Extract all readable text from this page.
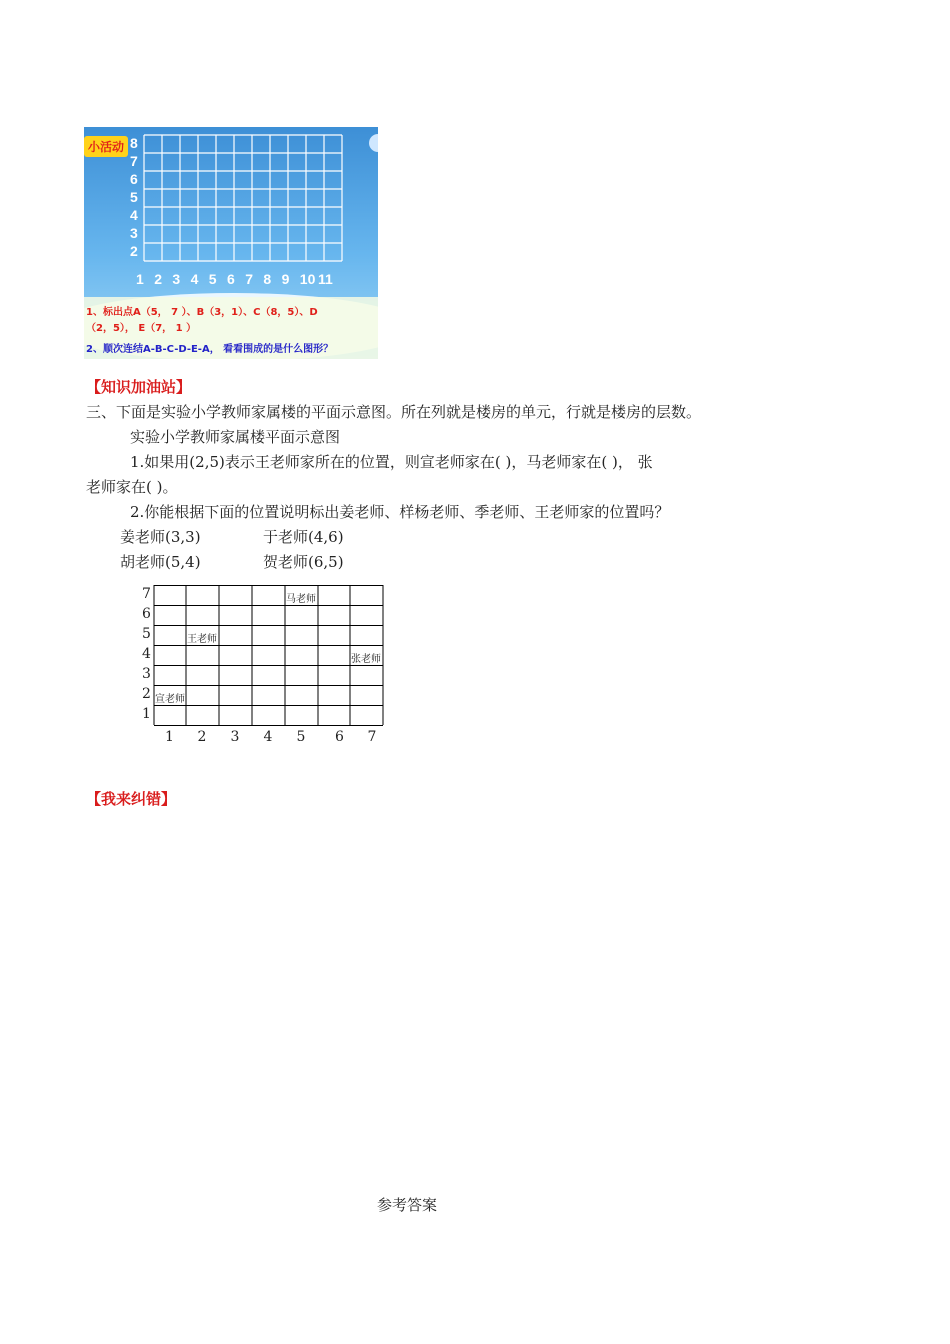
8
7
6
5
4
3
2
1 2 3 4 5 6 7 8 9 10 11
小活动
1、标出点A（5， 7 ）、B（3，1）、C（8，5）、D
（2，5）， E（7， 1 ）
2、顺次连结A-B-C-D-E-A， 看看围成的是什么图形？
【知识加油站】
三、下面是实验小学教师家属楼的平面示意图。所在列就是楼房的单元，行就是楼房的层数。
实验小学教师家属楼平面示意图
1.如果用(2,5)表示王老师家所在的位置，则宣老师家在( )，马老师家在( )， 张
老师家在( )。
2.你能根据下面的位置说明标出姜老师、样杨老师、季老师、王老师家的位置吗？
姜老师(3,3)	于老师(4,6)
胡老师(5,4)	贺老师(6,5)
7
6
5
4
3
2
1
1 2 3 4 5 6 7
马老师
王老师
张老师
宣老师
【我来纠错】
参考答案
